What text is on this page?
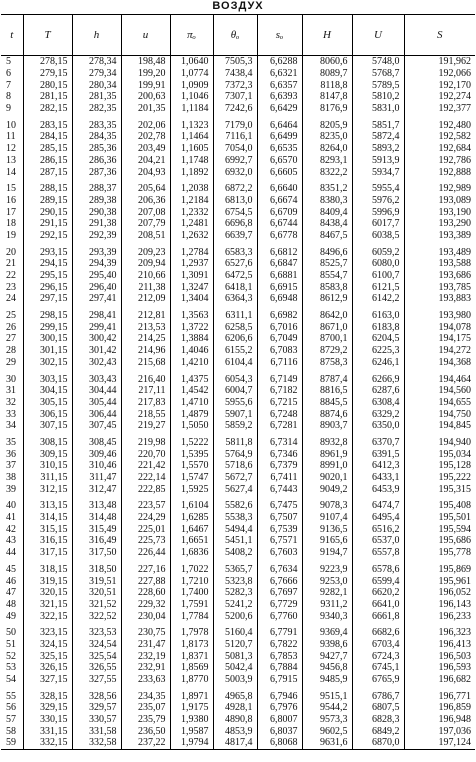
ВОЗДУХ
t	T	h	u	πₒ	θₒ	sₒ	H	U	S
5	278,15	278,34	198,48	1,0640	7505,3	6,6288	8060,6	5748,0	191,962
6	279,15	279,34	199,20	1,0774	7438,4	6,6321	8089,7	5768,7	192,066
7	280,15	280,34	199,91	1,0909	7372,3	6,6357	8118,8	5789,5	192,170
8	281,15	281,35	200,63	1,1046	7307,1	6,6393	8147,8	5810,2	192,274
9	282,15	282,35	201,35	1,1184	7242,6	6,6429	8176,9	5831,0	192,377
10	283,15	283,35	202,06	1,1323	7179,0	6,6464	8205,9	5851,7	192,480
11	284,15	284,35	202,78	1,1464	7116,1	6,6499	8235,0	5872,4	192,582
12	285,15	285,36	203,49	1,1605	7054,0	6,6535	8264,0	5893,2	192,684
13	286,15	286,36	204,21	1,1748	6992,7	6,6570	8293,1	5913,9	192,786
14	287,15	287,36	204,93	1,1892	6932,0	6,6605	8322,2	5934,7	192,888
15	288,15	288,37	205,64	1,2038	6872,2	6,6640	8351,2	5955,4	192,989
16	289,15	289,38	206,36	1,2184	6813,0	6,6674	8380,3	5976,2	193,089
17	290,15	290,38	207,08	1,2332	6754,5	6,6709	8409,4	5996,9	193,190
18	291,15	291,38	207,79	1,2481	6696,8	6,6744	8438,4	6017,7	193,290
19	292,15	292,39	208,51	1,2632	6639,7	6,6778	8467,5	6038,5	193,389
20	293,15	293,39	209,23	1,2784	6583,3	6,6812	8496,6	6059,2	193,489
21	294,15	294,39	209,94	1,2937	6527,6	6,6847	8525,7	6080,0	193,588
22	295,15	295,40	210,66	1,3091	6472,5	6,6881	8554,7	6100,7	193,686
23	296,15	296,40	211,38	1,3247	6418,1	6,6915	8583,8	6121,5	193,785
24	297,15	297,41	212,09	1,3404	6364,3	6,6948	8612,9	6142,2	193,883
25	298,15	298,41	212,81	1,3563	6311,1	6,6982	8642,0	6163,0	193,980
26	299,15	299,41	213,53	1,3722	6258,5	6,7016	8671,0	6183,8	194,078
27	300,15	300,42	214,25	1,3884	6206,6	6,7049	8700,1	6204,5	194,175
28	301,15	301,42	214,96	1,4046	6155,2	6,7083	8729,2	6225,3	194,272
29	302,15	302,43	215,68	1,4210	6104,4	6,7116	8758,3	6246,1	194,368
30	303,15	303,43	216,40	1,4375	6054,3	6,7149	8787,4	6266,9	194,464
31	304,15	304,44	217,11	1,4542	6004,7	6,7182	8816,5	6287,6	194,560
32	305,15	305,44	217,83	1,4710	5955,6	6,7215	8845,5	6308,4	194,655
33	306,15	306,44	218,55	1,4879	5907,1	6,7248	8874,6	6329,2	194,750
34	307,15	307,45	219,27	1,5050	5859,2	6,7281	8903,7	6350,0	194,845
35	308,15	308,45	219,98	1,5222	5811,8	6,7314	8932,8	6370,7	194,940
36	309,15	309,46	220,70	1,5395	5764,9	6,7346	8961,9	6391,5	195,034
37	310,15	310,46	221,42	1,5570	5718,6	6,7379	8991,0	6412,3	195,128
38	311,15	311,47	222,14	1,5747	5672,7	6,7411	9020,1	6433,1	195,222
39	312,15	312,47	222,85	1,5925	5627,4	6,7443	9049,2	6453,9	195,315
40	313,15	313,48	223,57	1,6104	5582,6	6,7475	9078,3	6474,7	195,408
41	314,15	314,48	224,29	1,6285	5538,3	6,7507	9107,4	6495,4	195,501
42	315,15	315,49	225,01	1,6467	5494,4	6,7539	9136,5	6516,2	195,594
43	316,15	316,49	225,73	1,6651	5451,1	6,7571	9165,6	6537,0	195,686
44	317,15	317,50	226,44	1,6836	5408,2	6,7603	9194,7	6557,8	195,778
45	318,15	318,50	227,16	1,7022	5365,7	6,7634	9223,9	6578,6	195,869
46	319,15	319,51	227,88	1,7210	5323,8	6,7666	9253,0	6599,4	195,961
47	320,15	320,51	228,60	1,7400	5282,3	6,7697	9282,1	6620,2	196,052
48	321,15	321,52	229,32	1,7591	5241,2	6,7729	9311,2	6641,0	196,143
49	322,15	322,52	230,04	1,7784	5200,6	6,7760	9340,3	6661,8	196,233
50	323,15	323,53	230,75	1,7978	5160,4	6,7791	9369,4	6682,6	196,323
51	324,15	324,54	231,47	1,8173	5120,7	6,7822	9398,6	6703,4	196,413
52	325,15	325,54	232,19	1,8371	5081,3	6,7853	9427,7	6724,3	196,503
53	326,15	326,55	232,91	1,8569	5042,4	6,7884	9456,8	6745,1	196,593
54	327,15	327,55	233,63	1,8770	5003,9	6,7915	9485,9	6765,9	196,682
55	328,15	328,56	234,35	1,8971	4965,8	6,7946	9515,1	6786,7	196,771
56	329,15	329,57	235,07	1,9175	4928,1	6,7976	9544,2	6807,5	196,859
57	330,15	330,57	235,79	1,9380	4890,8	6,8007	9573,3	6828,3	196,948
58	331,15	331,58	236,50	1,9587	4853,9	6,8037	9602,5	6849,2	197,036
59	332,15	332,58	237,22	1,9794	4817,4	6,8068	9631,6	6870,0	197,124
